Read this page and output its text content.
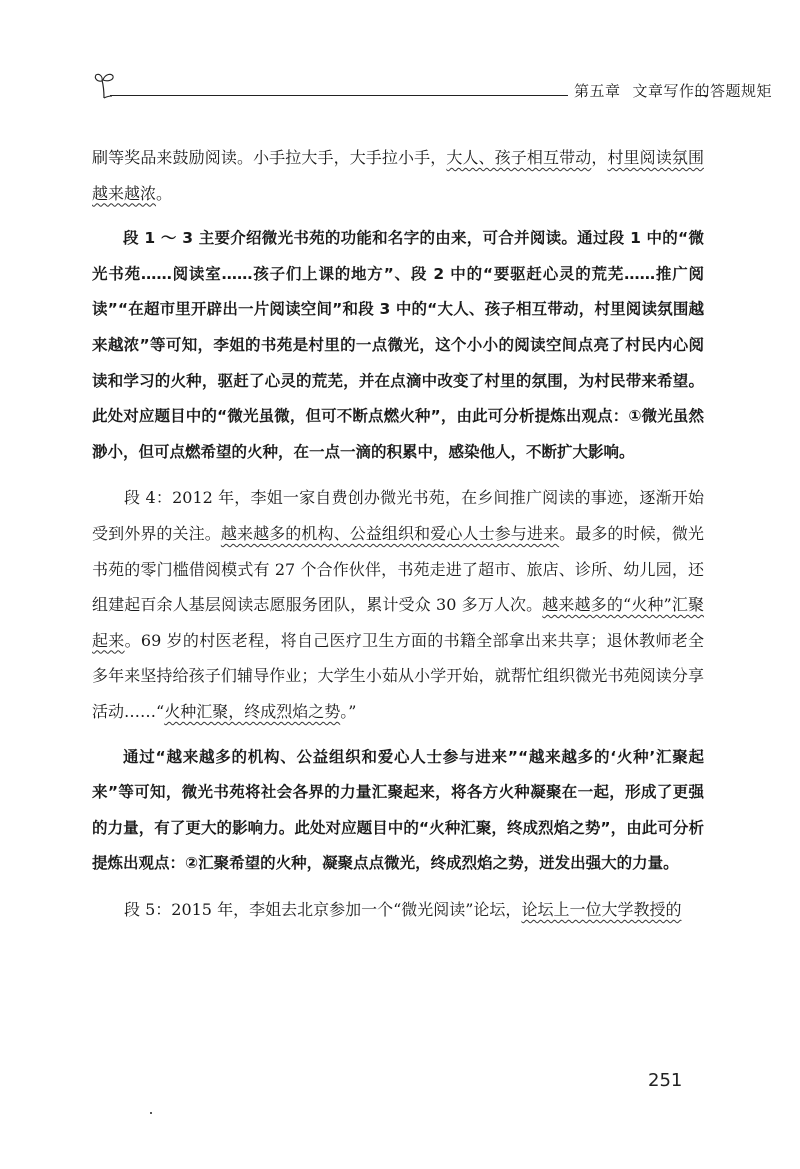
第五章 文章写作的答题规矩

刷等奖品来鼓励阅读。小手拉大手，大手拉小手，大人、孩子相互带动，村里阅读氛围越来越浓。

段 1 ～ 3 主要介绍微光书苑的功能和名字的由来，可合并阅读。通过段 1 中的“微光书苑……阅读室……孩子们上课的地方”、段 2 中的“要驱赶心灵的荒芜……推广阅读”“在超市里开辟出一片阅读空间”和段 3 中的“大人、孩子相互带动，村里阅读氛围越来越浓”等可知，李姐的书苑是村里的一点微光，这个小小的阅读空间点亮了村民内心阅读和学习的火种，驱赶了心灵的荒芜，并在点滴中改变了村里的氛围，为村民带来希望。此处对应题目中的“微光虽微，但可不断点燃火种”，由此可分析提炼出观点：①微光虽然渺小，但可点燃希望的火种，在一点一滴的积累中，感染他人，不断扩大影响。

段 4：2012 年，李姐一家自费创办微光书苑，在乡间推广阅读的事迹，逐渐开始受到外界的关注。越来越多的机构、公益组织和爱心人士参与进来。最多的时候，微光书苑的零门槛借阅模式有 27 个合作伙伴，书苑走进了超市、旅店、诊所、幼儿园，还组建起百余人基层阅读志愿服务团队，累计受众 30 多万人次。越来越多的“火种”汇聚起来。69 岁的村医老程，将自己医疗卫生方面的书籍全部拿出来共享；退休教师老全多年来坚持给孩子们辅导作业；大学生小茹从小学开始，就帮忙组织微光书苑阅读分享活动……“火种汇聚，终成烈焰之势。”

通过“越来越多的机构、公益组织和爱心人士参与进来”“越来越多的‘火种’汇聚起来”等可知，微光书苑将社会各界的力量汇聚起来，将各方火种凝聚在一起，形成了更强的力量，有了更大的影响力。此处对应题目中的“火种汇聚，终成烈焰之势”，由此可分析提炼出观点：②汇聚希望的火种，凝聚点点微光，终成烈焰之势，迸发出强大的力量。

段 5：2015 年，李姐去北京参加一个“微光阅读”论坛，论坛上一位大学教授的

251
